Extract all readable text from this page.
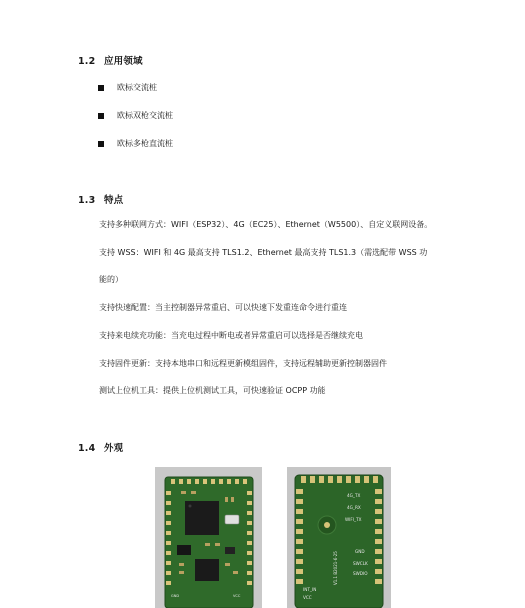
1.2 应用领域
欧标交流桩
欧标双枪交流桩
欧标多枪直流桩
1.3 特点
支持多种联网方式：WIFI（ESP32）、4G（EC25）、Ethernet（W5500）、自定义联网设备。
支持 WSS：WIFI 和 4G 最高支持 TLS1.2、Ethernet 最高支持 TLS1.3（需选配带 WSS 功
能的）
支持快速配置：当主控制器异常重启、可以快速下发重连命令进行重连
支持来电续充功能：当充电过程中断电或者异常重启可以选择是否继续充电
支持固件更新：支持本地串口和远程更新模组固件，支持远程辅助更新控制器固件
测试上位机工具：提供上位机测试工具，可快速验证 OCPP 功能
1.4 外观
GND	VCC
4G_TX
4G_RX
WIFI_TX
GND
SWCLK
SWDIO
VCC
INT_IN
V1.1 B2021-6-25
